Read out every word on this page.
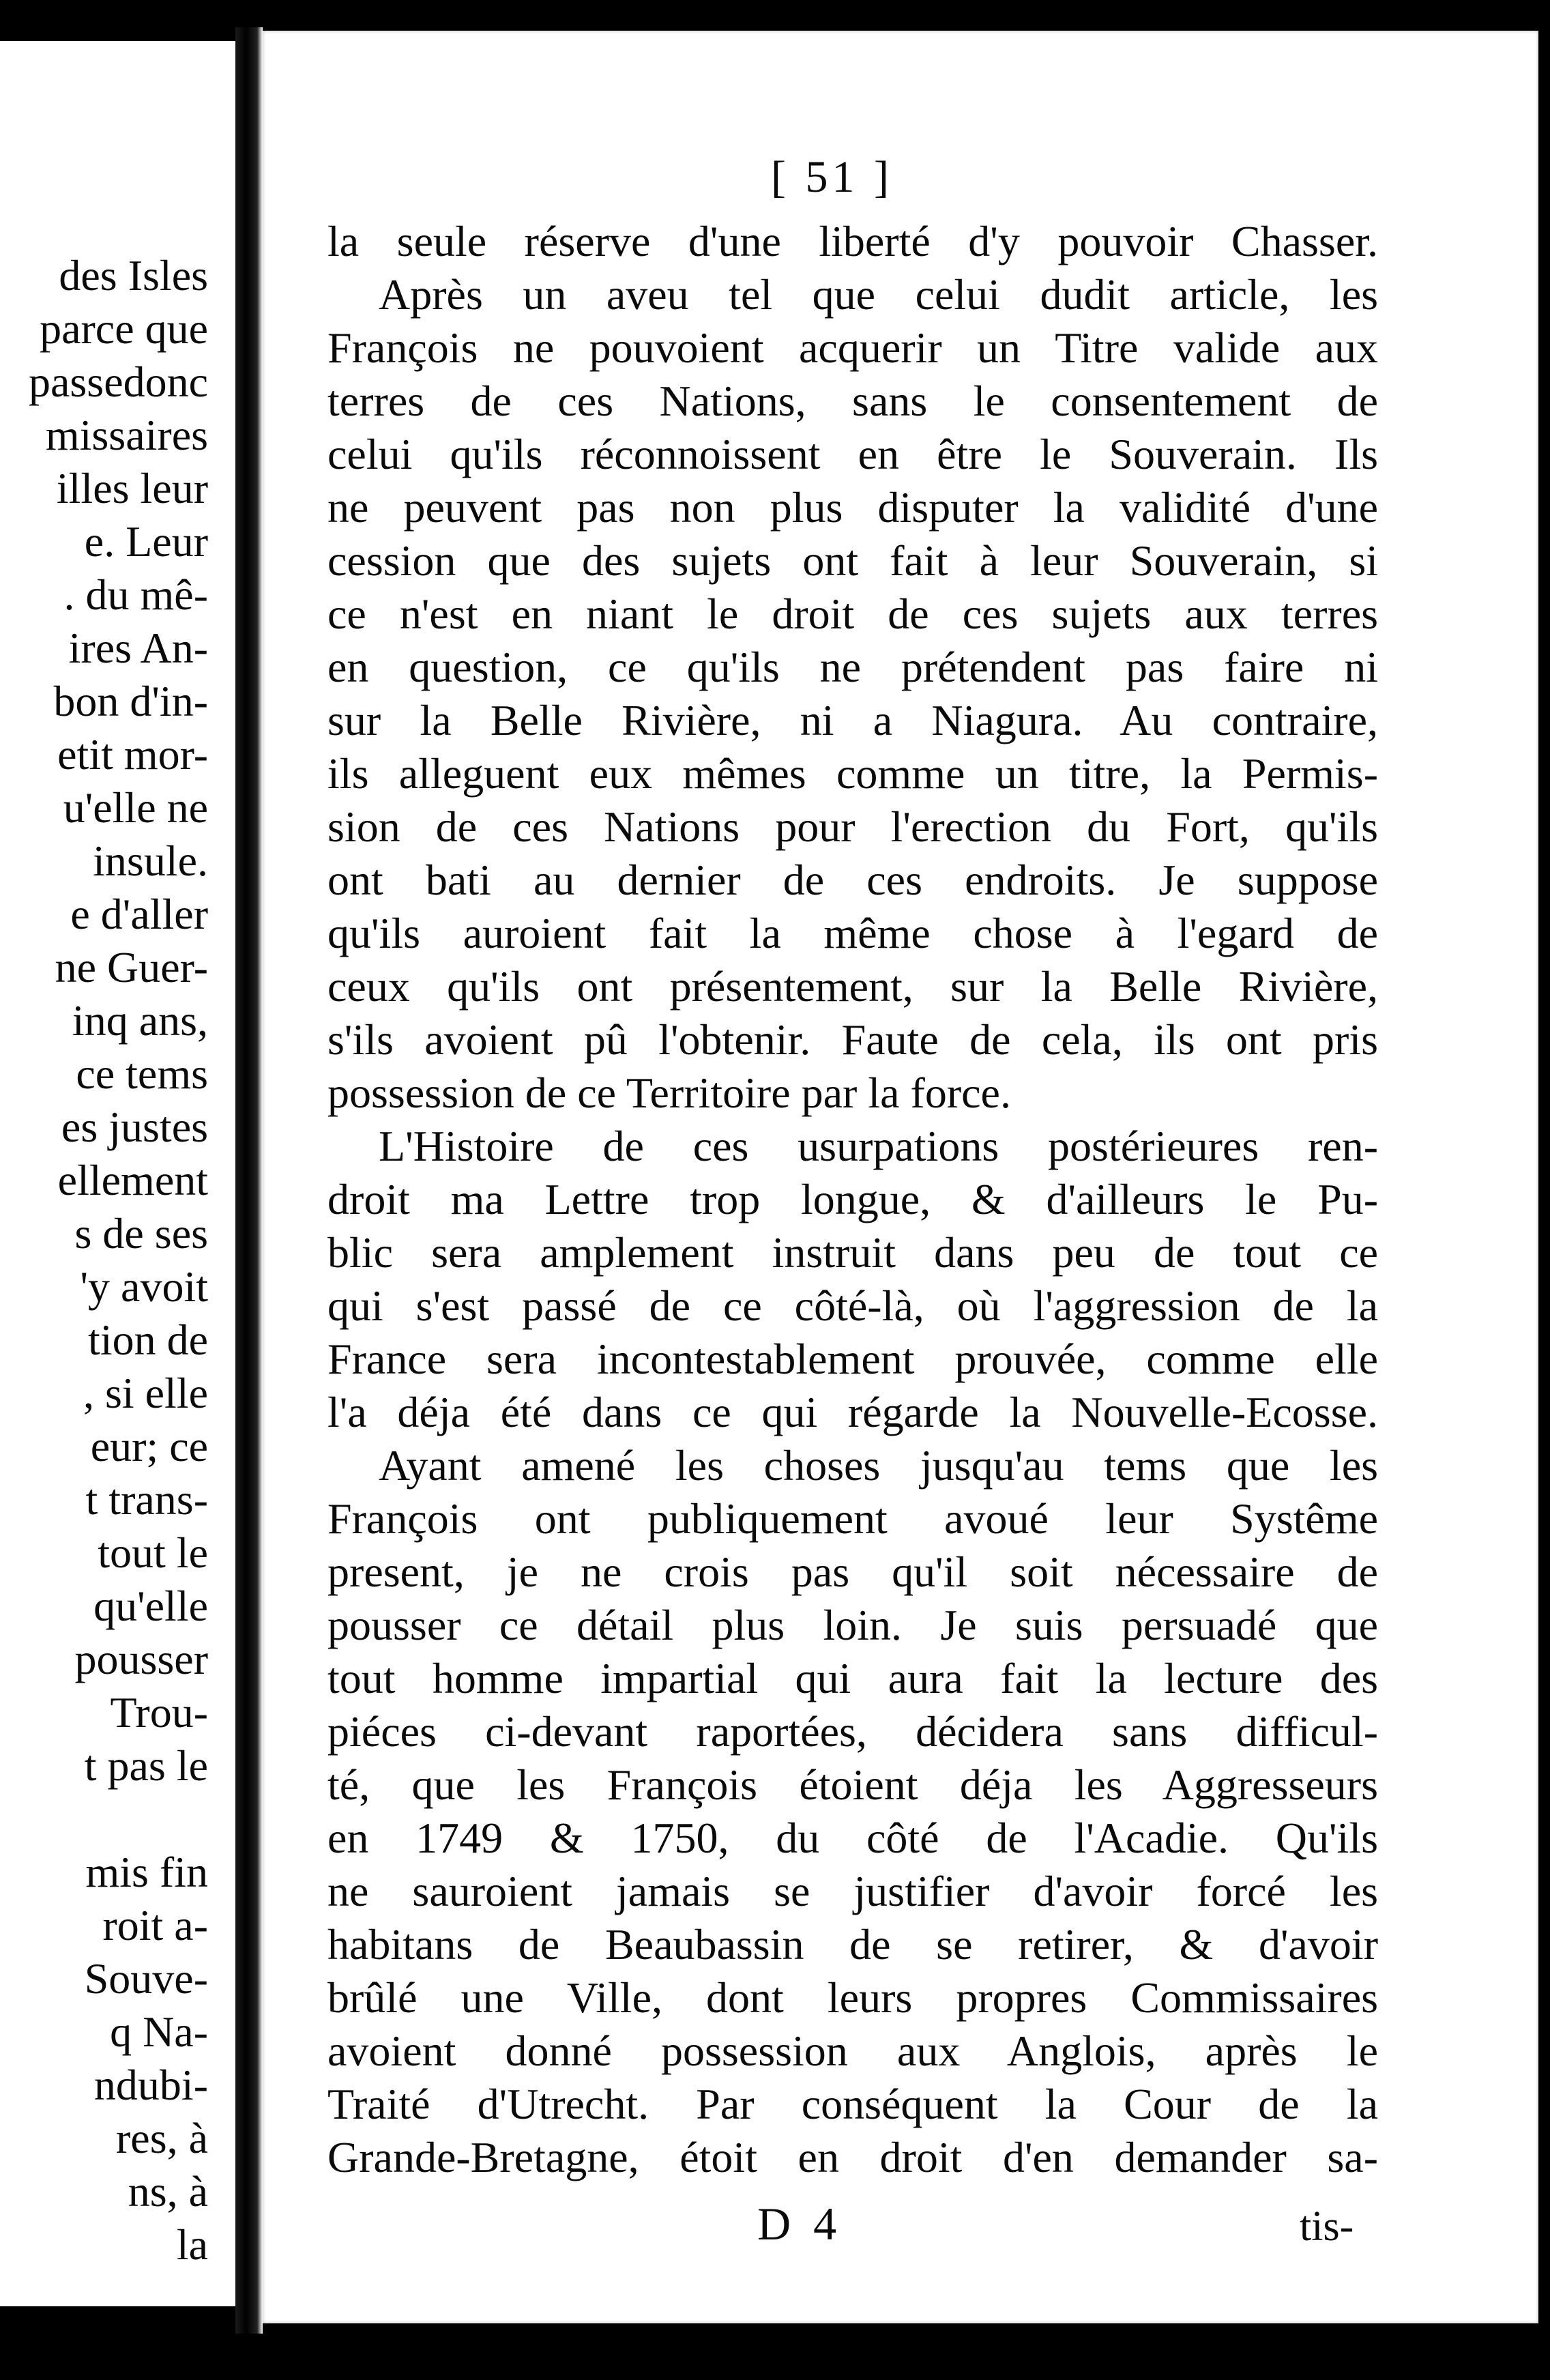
des Isles
parce que
passedonc
missaires
illes leur
e. Leur
. du mê-
ires An-
bon d'in-
etit mor-
u'elle ne
insule.
e d'aller
ne Guer-
inq ans,
ce tems
es justes
ellement
s de ses
'y avoit
tion de
, si elle
eur; ce
t trans-
tout le
qu'elle
pousser
Trou-
t pas le
mis fin
roit a-
Souve-
q Na-
ndubi-
res, à
ns, à
la
[ 51 ]
la seule réserve d'une liberté d'y pouvoir Chasser.
Après un aveu tel que celui dudit article, les
François ne pouvoient acquerir un Titre valide aux
terres de ces Nations, sans le consentement de
celui qu'ils réconnoissent en être le Souverain. Ils
ne peuvent pas non plus disputer la validité d'une
cession que des sujets ont fait à leur Souverain, si
ce n'est en niant le droit de ces sujets aux terres
en question, ce qu'ils ne prétendent pas faire ni
sur la Belle Rivière, ni a Niagura. Au contraire,
ils alleguent eux mêmes comme un titre, la Permis-
sion de ces Nations pour l'erection du Fort, qu'ils
ont bati au dernier de ces endroits. Je suppose
qu'ils auroient fait la même chose à l'egard de
ceux qu'ils ont présentement, sur la Belle Rivière,
s'ils avoient pû l'obtenir. Faute de cela, ils ont pris
possession de ce Territoire par la force.
L'Histoire de ces usurpations postérieures ren-
droit ma Lettre trop longue, & d'ailleurs le Pu-
blic sera amplement instruit dans peu de tout ce
qui s'est passé de ce côté-là, où l'aggression de la
France sera incontestablement prouvée, comme elle
l'a déja été dans ce qui régarde la Nouvelle-Ecosse.
Ayant amené les choses jusqu'au tems que les
François ont publiquement avoué leur Systême
present, je ne crois pas qu'il soit nécessaire de
pousser ce détail plus loin. Je suis persuadé que
tout homme impartial qui aura fait la lecture des
piéces ci-devant raportées, décidera sans difficul-
té, que les François étoient déja les Aggresseurs
en 1749 & 1750, du côté de l'Acadie. Qu'ils
ne sauroient jamais se justifier d'avoir forcé les
habitans de Beaubassin de se retirer, & d'avoir
brûlé une Ville, dont leurs propres Commissaires
avoient donné possession aux Anglois, après le
Traité d'Utrecht. Par conséquent la Cour de la
Grande-Bretagne, étoit en droit d'en demander sa-
D 4	tis-
